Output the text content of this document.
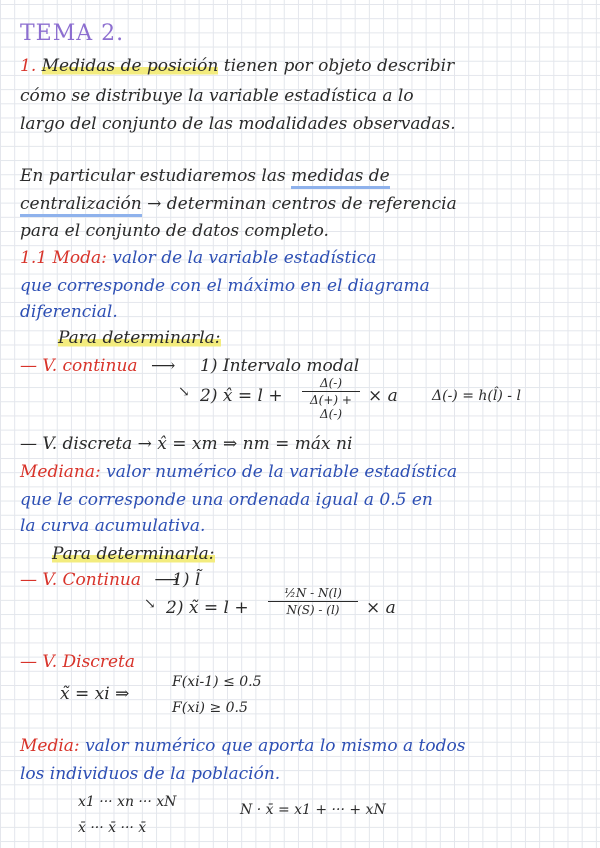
TEMA 2.
1. Medidas de posición tienen por objeto describir
cómo se distribuye la variable estadística a lo
largo del conjunto de las modalidades observadas.
En particular estudiaremos las medidas de
centralización → determinan centros de referencia
para el conjunto de datos completo.
1.1 Moda: valor de la variable estadística
que corresponde con el máximo en el diagrama
diferencial.
Para determinarla:
— V. continua ⟶ 1) Intervalo modal
↘ 2) x̂ = $l + \frac{\Delta(-)}{\Delta(+) + \Delta(-)} \times a$ Δ(-) = h(l̂) - l
— V. discreta → x̂ = xm ⇒ nm = máx ni
Mediana: valor numérico de la variable estadística
que le corresponde una ordenada igual a 0.5 en
la curva acumulativa.
Para determinarla:
— V. Continua ⟶
1) l̃
↘ 2) x̃ = $l + \frac{\text{½N - N(l)}}{N(S) - (l)} \times a$
— V. Discreta
x̃ = xi ⇒
F(xi-1) ≤ 0.5
F(xi) ≥ 0.5
Media: valor numérico que aporta lo mismo a todos
los individuos de la población.
x1 ··· xn ··· xN
x̄ ··· x̄ ··· x̄
N · x̄ = x1 + ··· + xN
